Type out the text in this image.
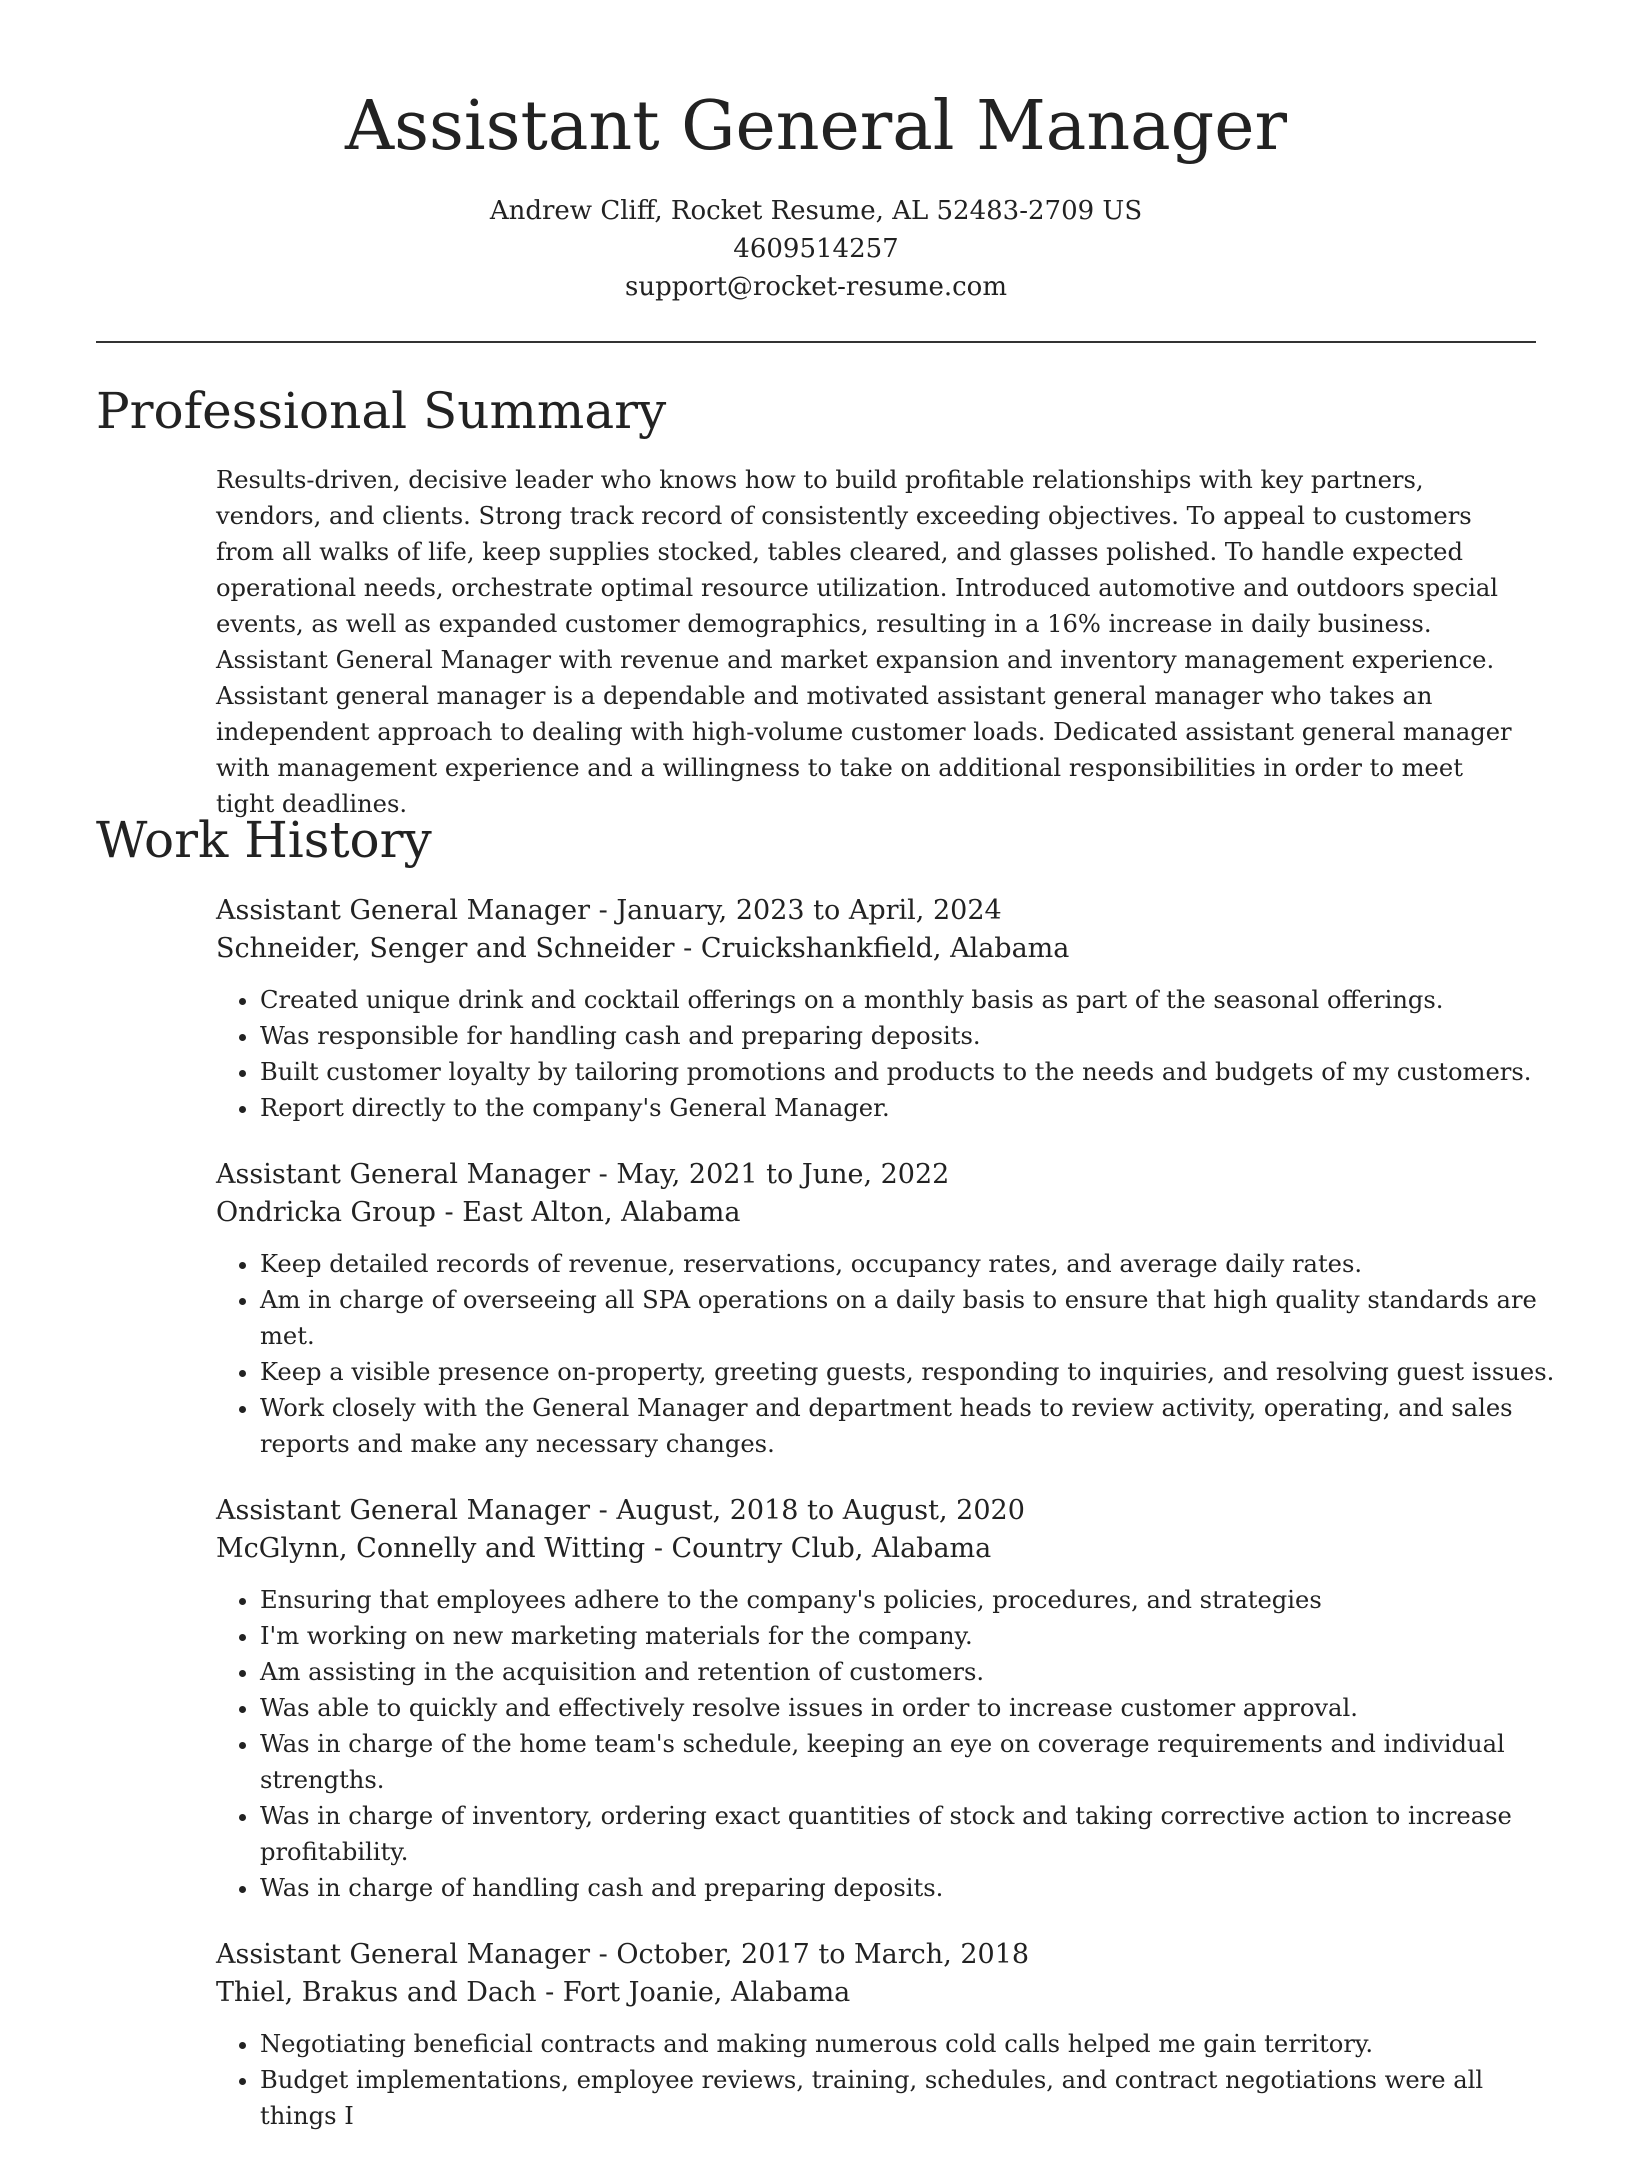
Assistant General Manager

Andrew Cliff, Rocket Resume, AL 52483-2709 US

4609514257

support@rocket-resume.com

Professional Summary

Results-driven, decisive leader who knows how to build profitable relationships with key partners, vendors, and clients. Strong track record of consistently exceeding objectives. To appeal to customers from all walks of life, keep supplies stocked, tables cleared, and glasses polished. To handle expected operational needs, orchestrate optimal resource utilization. Introduced automotive and outdoors special events, as well as expanded customer demographics, resulting in a 16% increase in daily business. Assistant General Manager with revenue and market expansion and inventory management experience. Assistant general manager is a dependable and motivated assistant general manager who takes an independent approach to dealing with high-volume customer loads. Dedicated assistant general manager with management experience and a willingness to take on additional responsibilities in order to meet tight deadlines.

Work History

Assistant General Manager - January, 2023 to April, 2024

Schneider, Senger and Schneider - Cruickshankfield, Alabama

• Created unique drink and cocktail offerings on a monthly basis as part of the seasonal offerings.
• Was responsible for handling cash and preparing deposits.
• Built customer loyalty by tailoring promotions and products to the needs and budgets of my customers.
• Report directly to the company's General Manager.

Assistant General Manager - May, 2021 to June, 2022

Ondricka Group - East Alton, Alabama

• Keep detailed records of revenue, reservations, occupancy rates, and average daily rates.
• Am in charge of overseeing all SPA operations on a daily basis to ensure that high quality standards are met.
• Keep a visible presence on-property, greeting guests, responding to inquiries, and resolving guest issues.
• Work closely with the General Manager and department heads to review activity, operating, and sales reports and make any necessary changes.

Assistant General Manager - August, 2018 to August, 2020

McGlynn, Connelly and Witting - Country Club, Alabama

• Ensuring that employees adhere to the company's policies, procedures, and strategies
• I'm working on new marketing materials for the company.
• Am assisting in the acquisition and retention of customers.
• Was able to quickly and effectively resolve issues in order to increase customer approval.
• Was in charge of the home team's schedule, keeping an eye on coverage requirements and individual strengths.
• Was in charge of inventory, ordering exact quantities of stock and taking corrective action to increase profitability.
• Was in charge of handling cash and preparing deposits.

Assistant General Manager - October, 2017 to March, 2018

Thiel, Brakus and Dach - Fort Joanie, Alabama

• Negotiating beneficial contracts and making numerous cold calls helped me gain territory.
• Budget implementations, employee reviews, training, schedules, and contract negotiations were all things I
